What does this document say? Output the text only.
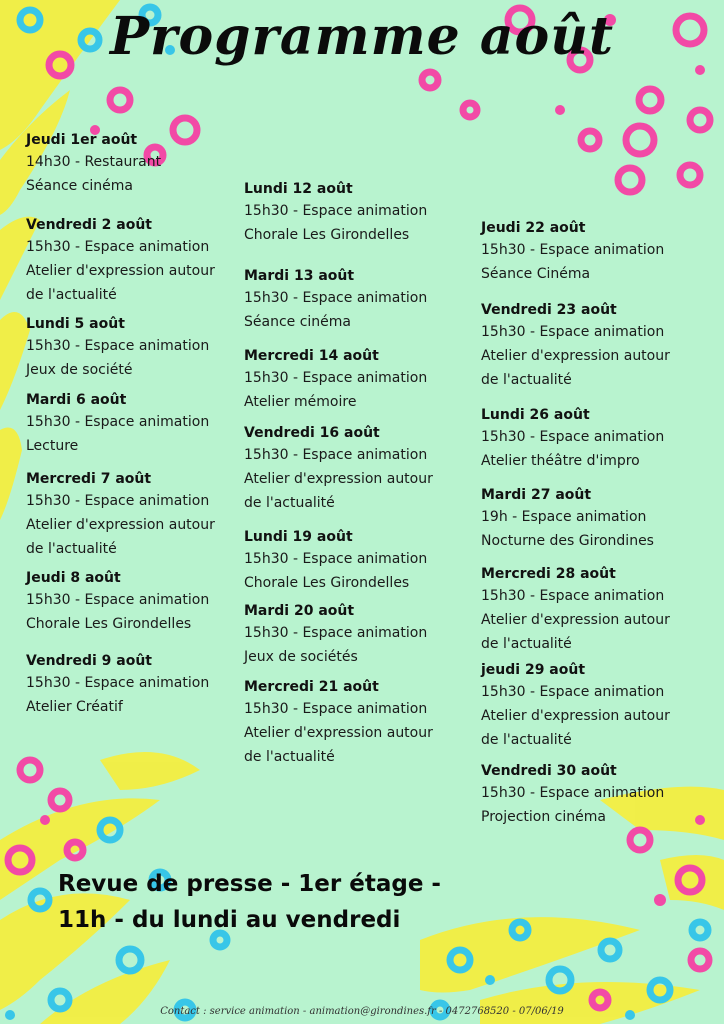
Programme août
Jeudi 1er août
14h30 - Restaurant
Séance cinéma
Vendredi 2 août
15h30 - Espace animation
Atelier d'expression autour
de l'actualité
Lundi 5 août
15h30 - Espace animation
Jeux de société
Mardi 6 août
15h30 - Espace animation
Lecture
Mercredi 7 août
15h30 - Espace animation
Atelier d'expression autour
de l'actualité
Jeudi 8 août
15h30 - Espace animation
Chorale Les Girondelles
Vendredi 9 août
15h30 - Espace animation
Atelier Créatif
Lundi 12 août
15h30 - Espace animation
Chorale Les Girondelles
Mardi 13 août
15h30 - Espace animation
Séance cinéma
Mercredi 14 août
15h30 - Espace animation
Atelier mémoire
Vendredi 16 août
15h30 - Espace animation
Atelier d'expression autour
de l'actualité
Lundi 19 août
15h30 - Espace animation
Chorale Les Girondelles
Mardi 20 août
15h30 - Espace animation
Jeux de sociétés
Mercredi 21 août
15h30 - Espace animation
Atelier d'expression autour
de l'actualité
Jeudi 22 août
15h30 - Espace animation
Séance Cinéma
Vendredi 23 août
15h30 - Espace animation
Atelier d'expression autour
de l'actualité
Lundi 26 août
15h30 - Espace animation
Atelier théâtre d'impro
Mardi 27 août
19h - Espace animation
Nocturne des Girondines
Mercredi 28 août
15h30 - Espace animation
Atelier d'expression autour
de l'actualité
jeudi 29 août
15h30 - Espace animation
Atelier d'expression autour
de l'actualité
Vendredi 30 août
15h30 - Espace animation
Projection cinéma
Revue de presse - 1er étage -
11h - du lundi au vendredi
Contact : service animation - animation@girondines.fr - 0472768520 - 07/06/19
